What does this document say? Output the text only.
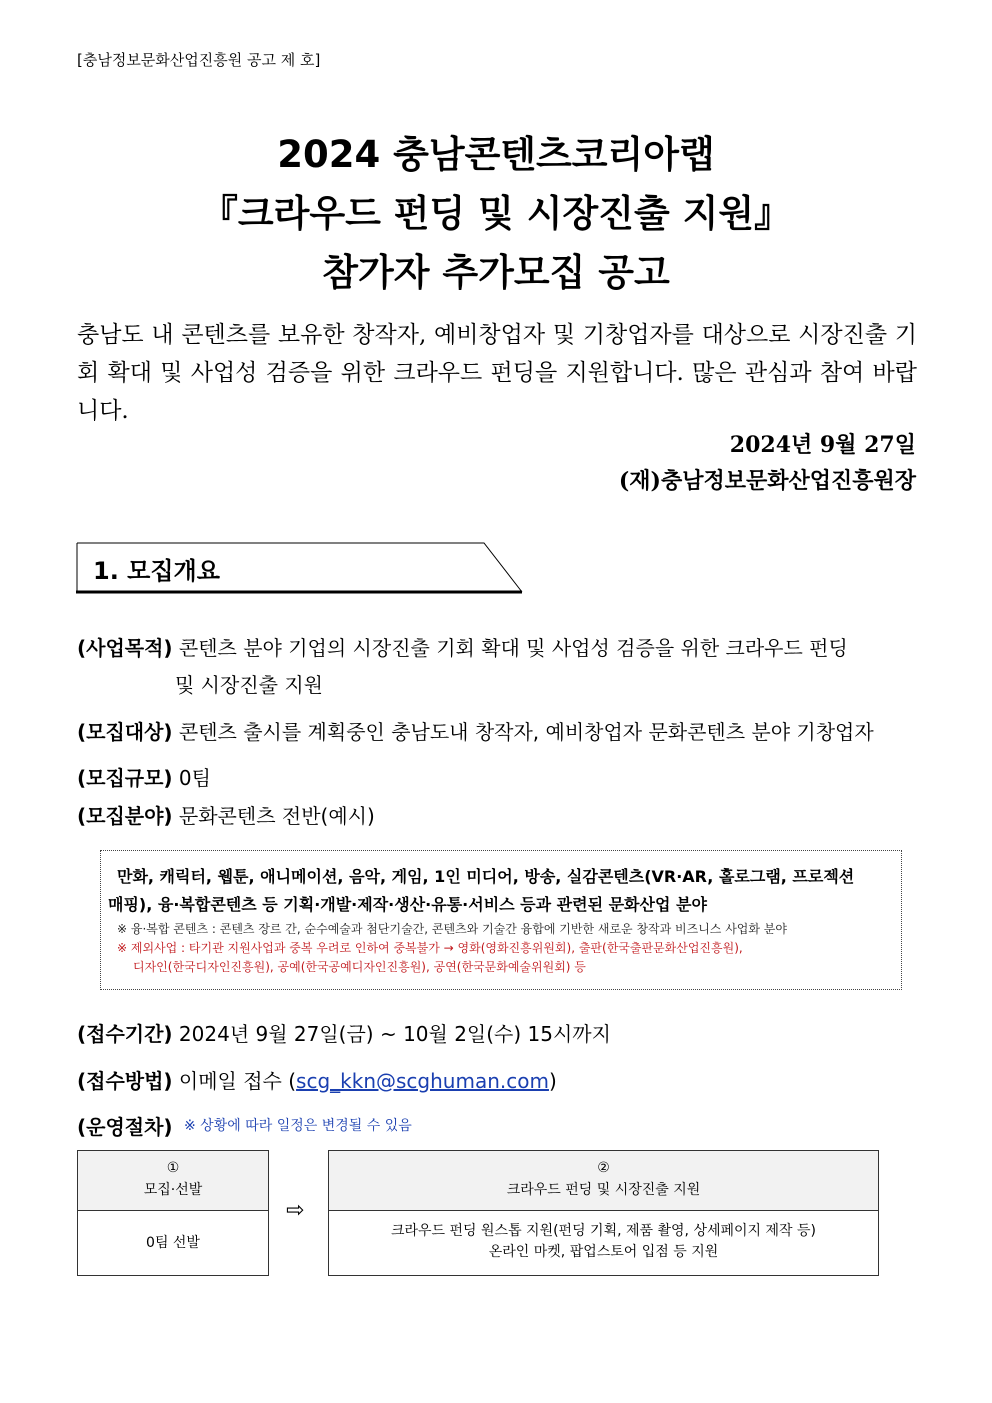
[충남정보문화산업진흥원 공고 제 호]
2024 충남콘텐츠코리아랩
『크라우드 펀딩 및 시장진출 지원』
참가자 추가모집 공고
충남도 내 콘텐츠를 보유한 창작자, 예비창업자 및 기창업자를 대상으로 시장진출 기회 확대 및 사업성 검증을 위한 크라우드 펀딩을 지원합니다. 많은 관심과 참여 바랍니다.
2024년 9월 27일
(재)충남정보문화산업진흥원장
1. 모집개요
(사업목적) 콘텐츠 분야 기업의 시장진출 기회 확대 및 사업성 검증을 위한 크라우드 펀딩
및 시장진출 지원
(모집대상) 콘텐츠 출시를 계획중인 충남도내 창작자, 예비창업자 문화콘텐츠 분야 기창업자
(모집규모) 0팀
(모집분야) 문화콘텐츠 전반(예시)
만화, 캐릭터, 웹툰, 애니메이션, 음악, 게임, 1인 미디어, 방송, 실감콘텐츠(VR·AR, 홀로그램, 프로젝션
매핑), 융·복합콘텐츠 등 기획·개발·제작·생산·유통·서비스 등과 관련된 문화산업 분야
※ 융·복합 콘텐츠 : 콘텐츠 장르 간, 순수예술과 첨단기술간, 콘텐츠와 기술간 융합에 기반한 새로운 창작과 비즈니스 사업화 분야
※ 제외사업 : 타기관 지원사업과 중복 우려로 인하여 중복불가 → 영화(영화진흥위원회), 출판(한국출판문화산업진흥원),
디자인(한국디자인진흥원), 공예(한국공예디자인진흥원), 공연(한국문화예술위원회) 등
(접수기간) 2024년 9월 27일(금) ~ 10월 2일(수) 15시까지
(접수방법) 이메일 접수 (scg_kkn@scghuman.com)
(운영절차) ※ 상황에 따라 일정은 변경될 수 있음
①
모집·선발
0팀 선발
⇨
②
크라우드 펀딩 및 시장진출 지원
크라우드 펀딩 원스톱 지원(펀딩 기획, 제품 촬영, 상세페이지 제작 등)
온라인 마켓, 팝업스토어 입점 등 지원
